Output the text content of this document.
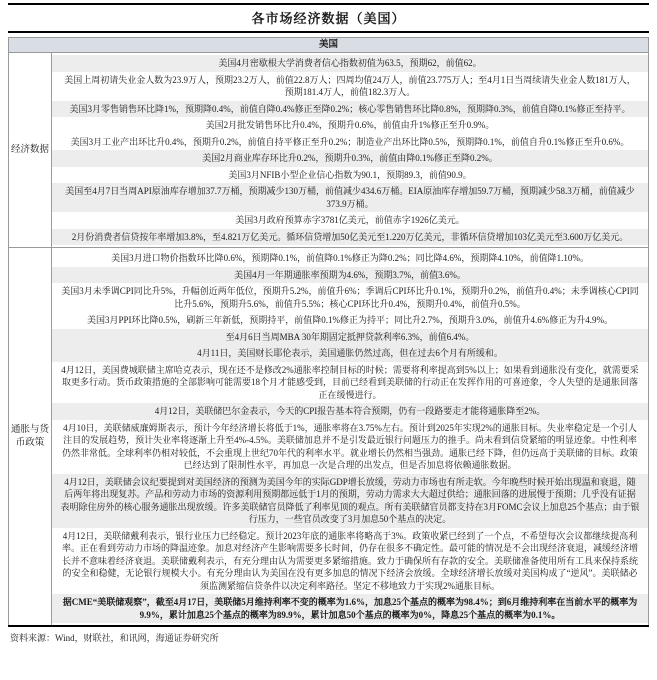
各市场经济数据（美国）
美国
经济数据
美国4月密歇根大学消费者信心指数初值为63.5，预期62，前值62。
美国上周初请失业金人数为23.9万人，预期23.2万人，前值22.8万人；四周均值24万人，前值23.775万人；至4月1日当周续请失业金人数181万人，预期181.4万人，前值182.3万人。
美国3月零售销售环比降1%，预期降0.4%，前值自降0.4%修正至降0.2%；核心零售销售环比降0.8%，预期降0.3%，前值自降0.1%修正至持平。
美国2月批发销售环比升0.4%，预期升0.6%，前值由升1%修正至升0.9%。
美国3月工业产出环比升0.4%，预期升0.2%，前值自持平修正至升0.2%；制造业产出环比降0.5%，预期降0.1%，前值自升0.1%修正至升0.6%。
美国2月商业库存环比升0.2%，预期升0.3%，前值由降0.1%修正至降0.2%。
美国3月NFIB小型企业信心指数为90.1，预期89.3，前值90.9。
美国至4月7日当周API原油库存增加37.7万桶，预期减少130万桶，前值减少434.6万桶。EIA原油库存增加59.7万桶，预期减少58.3万桶，前值减少373.9万桶。
美国3月政府预算赤字3781亿美元，前值赤字1926亿美元。
2月份消费者信贷按年率增加3.8%，至4.821万亿美元。循环信贷增加50亿美元至1.220万亿美元，非循环信贷增加103亿美元至3.600万亿美元。
通胀与货币政策
美国3月进口物价指数环比降0.6%，预期降0.1%，前值降0.1%修正为降0.2%；同比降4.6%，预期降4.10%，前值降1.10%。
美国4月一年期通胀率预期为4.6%，预期3.7%，前值3.6%。
美国3月未季调CPI同比升5%，升幅创近两年低位，预期升5.2%，前值升6%；季调后CPI环比升0.1%，预期升0.2%，前值升0.4%；未季调核心CPI同比升5.6%，预期升5.6%，前值升5.5%；核心CPI环比升0.4%，预期升0.4%，前值升0.5%。
美国3月PPI环比降0.5%，刷新三年新低，预期持平，前值降0.1%修正为持平；同比升2.7%，预期升3.0%，前值升4.6%修正为升4.9%。
至4月6日当周MBA 30年期固定抵押贷款利率6.3%，前值6.4%。
4月11日，美国财长耶伦表示，美国通胀仍然过高，但在过去6个月有所缓和。
4月12日，美国费城联储主席哈克表示，现在还不是修改2%通胀率控制目标的时候；需要将利率提高到5%以上；如果看到通胀没有变化，就需要采取更多行动。货币政策措施的全部影响可能需要18个月才能感受到，目前已经看到美联储的行动正在发挥作用的可喜迹象，令人失望的是通胀回落正在缓慢进行。
4月12日，美联储巴尔金表示，今天的CPI报告基本符合预期，仍有一段路要走才能将通胀降至2%。
4月10日，美联储威廉姆斯表示，预计今年经济增长将低于1%，通胀率将在3.75%左右。预计到2025年实现2%的通胀目标。失业率稳定是一个引人注目的发展趋势，预计失业率将逐渐上升至4%-4.5%。美联储加息并不是引发最近银行问题压力的推手。尚未看到信贷紧缩的明显迹象。中性利率仍然非常低。全球利率仍相对较低，不会重现上世纪70年代的利率水平。就业增长仍然相当强劲。通胀已经下降，但仍远高于美联储的目标。政策已经达到了限制性水平，再加息一次是合理的出发点，但是否加息将依赖通胀数据。
4月12日，美联储会议纪要提到对美国经济的预测为美国今年的实际GDP增长放缓，劳动力市场也有所走软。今年晚些时候开始出现温和衰退，随后两年将出现复苏。产品和劳动力市场的资源利用预期都远低于1月的预期，劳动力需求大大超过供给；通胀回落的进展慢于预期；几乎没有证据表明除住房外的核心服务通胀出现放缓。许多美联储官员降低了利率见顶的观点。所有美联储官员都支持在3月FOMC会议上加息25个基点；由于银行压力，一些官员改变了3月加息50个基点的决定。
4月12日，美联储戴利表示，银行业压力已经稳定。预计2023年底的通胀率将略高于3%。政策收紧已经到了一个点，不希望每次会议都继续提高利率。正在看到劳动力市场的降温迹象。加息对经济产生影响需要多长时间，仍存在很多不确定性。最可能的情况是不会出现经济衰退，减缓经济增长并不意味着经济衰退。美联储戴利表示，有充分理由认为需要更多紧缩措施。致力于确保所有存款的安全。美联储准备使用所有工具来保持系统的安全和稳健，无论银行规模大小。有充分理由认为美国在没有更多加息的情况下经济会放缓。全球经济增长放缓对美国构成了“逆风”。美联储必须监测紧缩信贷条件以决定利率路径。坚定不移地致力于实现2%通胀目标。
据CME“美联储观察”，截至4月17日，美联储5月维持利率不变的概率为1.6%，加息25个基点的概率为98.4%；到6月维持利率在当前水平的概率为9.9%，累计加息25个基点的概率为89.9%，累计加息50个基点的概率为0%，降息25个基点的概率为0.1%。
资料来源：Wind，财联社，和讯网，海通证券研究所
